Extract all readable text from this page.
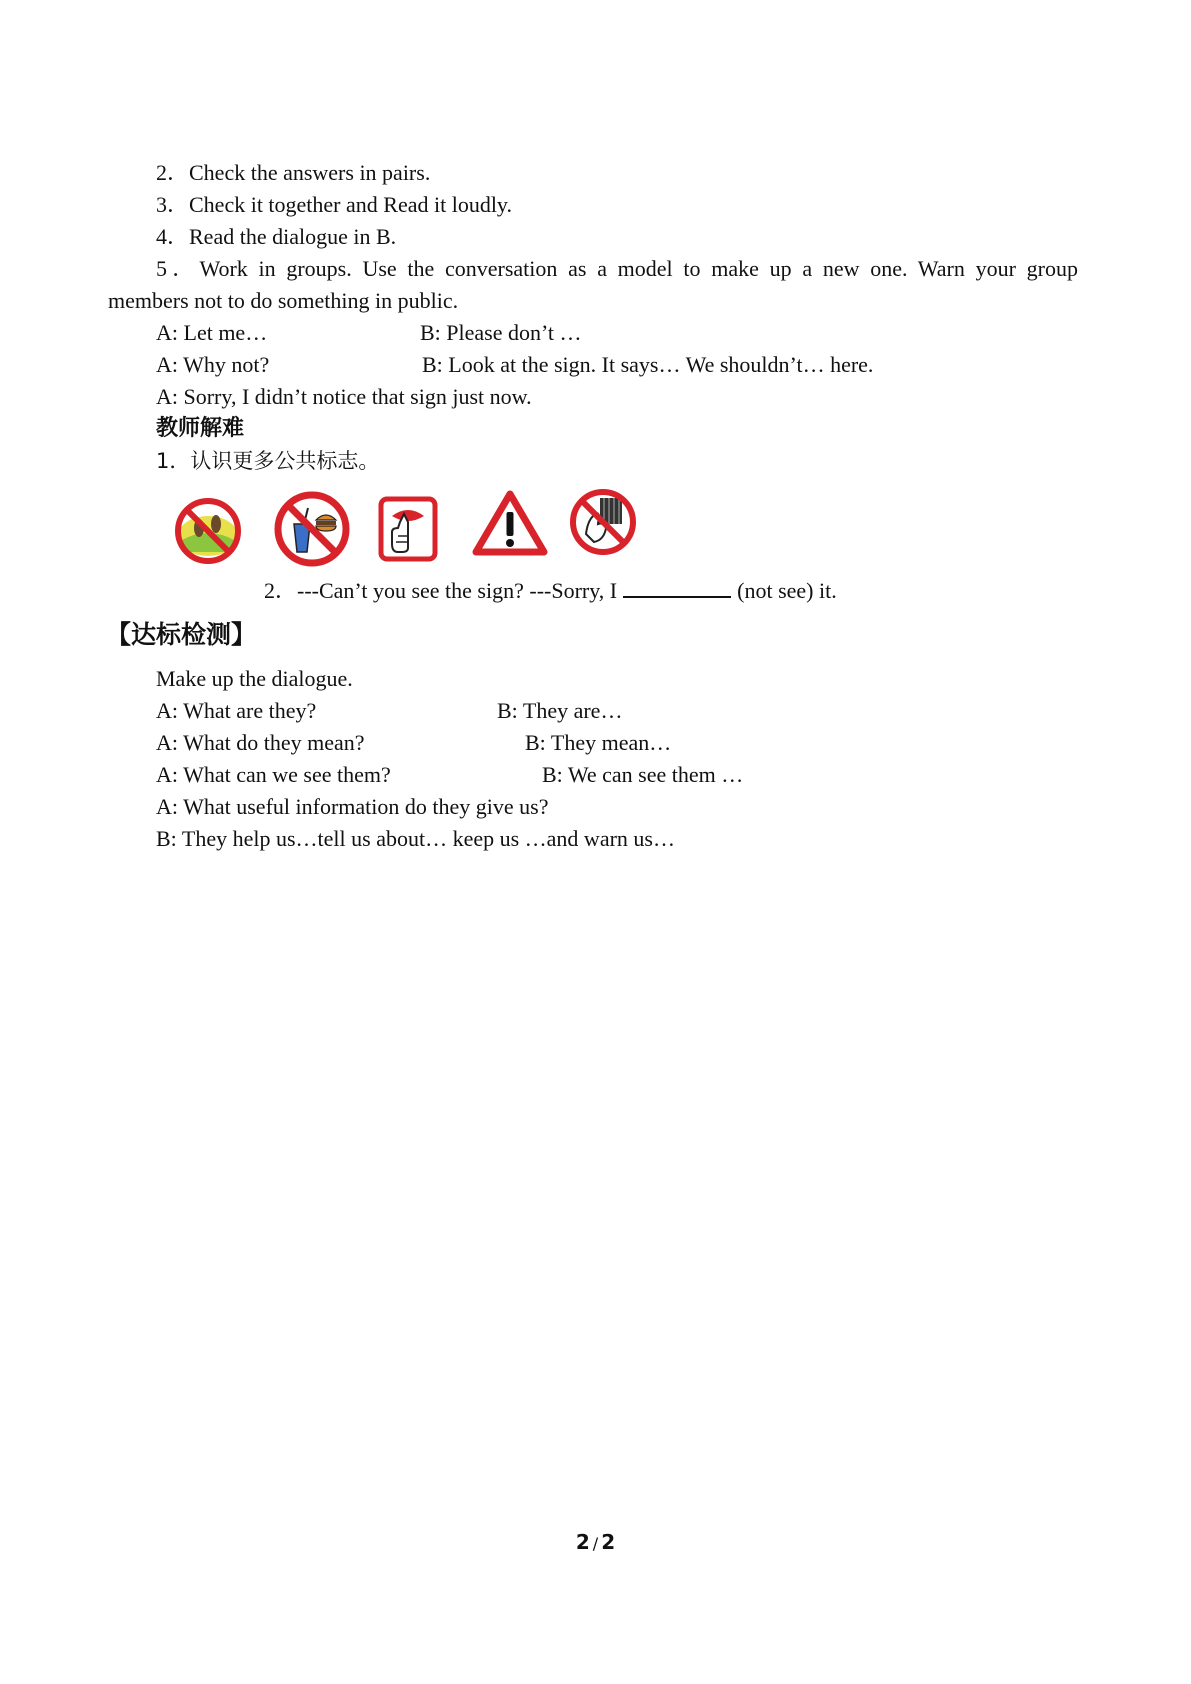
2．Check the answers in pairs.
3．Check it together and Read it loudly.
4．Read the dialogue in B.
5．Work in groups. Use the conversation as a model to make up a new one. Warn your group
members not to do something in public.
A: Let me…	B: Please don’t …
A: Why not?	B: Look at the sign. It says… We shouldn’t… here.
A: Sorry, I didn’t notice that sign just now.
教师解难
1．认识更多公共标志。
2．---Can’t you see the sign? ---Sorry, I	(not see) it.
【达标检测】
Make up the dialogue.
A: What are they?	B: They are…
A: What do they mean?	B: They mean…
A: What can we see them?	B: We can see them …
A: What useful information do they give us?
B: They help us…tell us about… keep us …and warn us…
2 / 2
